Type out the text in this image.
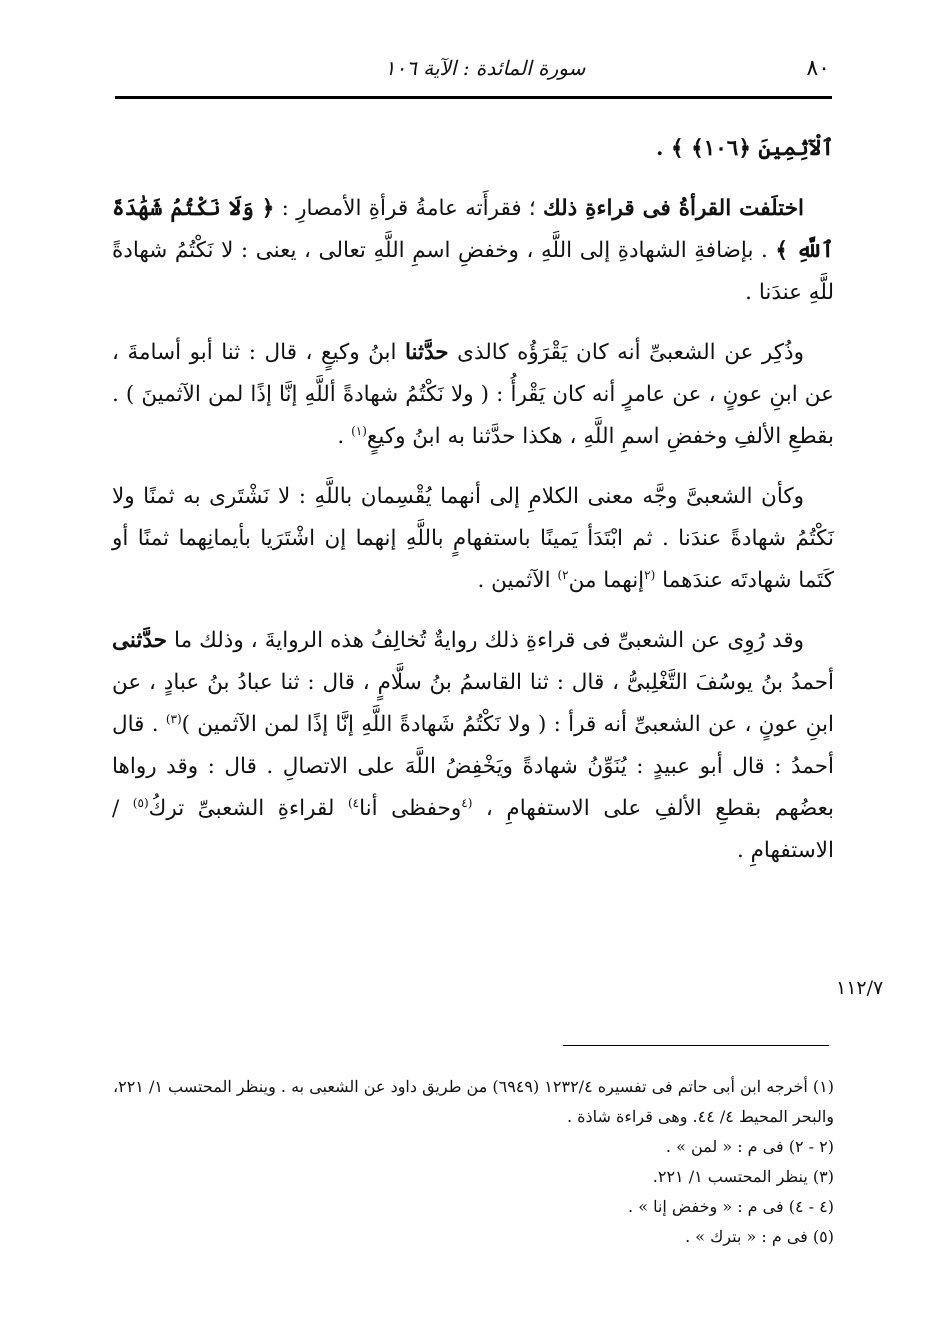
٨٠
سورة المائدة : الآية ١٠٦

ٱلْآثِمِينَ ﴿١٠٦﴾ ﴾ .

اختلَفت القرأةُ فى قراءةِ ذلك ؛ فقرأَته عامةُ قرأةِ الأمصارِ : ﴿ وَلَا نَكْتُمُ شَهَٰدَةَ ٱللَّهِ ﴾ . بإضافةِ الشهادةِ إلى اللَّهِ ، وخفضِ اسمِ اللَّهِ تعالى ، يعنى : لا نَكْتُمُ شهادةً للَّهِ عندَنا .

وذُكِر عن الشعبىِّ أنه كان يَقْرَؤُه كالذى حدَّثنا ابنُ وكيعٍ ، قال : ثنا أبو أسامةَ ، عن ابنِ عونٍ ، عن عامرٍ أنه كان يَقْرأُ : ( ولا نَكْتُمُ شهادةً أللَّهِ إنَّا إذًا لمن الآثمينَ ) . بقطعِ الألفِ وخفضِ اسمِ اللَّهِ ، هكذا حدَّثنا به ابنُ وكيعٍ$^{(١)}$ .

وكأن الشعبىَّ وجَّه معنى الكلامِ إلى أنهما يُقْسِمان باللَّهِ : لا نَشْتَرى به ثمنًا ولا نَكْتُمُ شهادةً عندَنا . ثم ابْتَدَأ يَمينًا باستفهامٍ باللَّهِ إنهما إن اشْتَرَيا بأيمانِهما ثمنًا أو كَتَما شهادتَه عندَهما $^{(٢}$إنهما من$^{٢)}$ الآثمين .

وقد رُوِى عن الشعبىِّ فى قراءةِ ذلك روايةٌ تُخالِفُ هذه الروايةَ ، وذلك ما حدَّثنى أحمدُ بنُ يوسُفَ التَّغْلِبىُّ ، قال : ثنا القاسمُ بنُ سلَّامٍ ، قال : ثنا عبادُ بنُ عبادٍ ، عن ابنِ عونٍ ، عن الشعبىِّ أنه قرأ : ( ولا نَكْتُمُ شَهادةً اللَّهِ إنَّا إذًا لمن الآثمين )$^{(٣)}$ . قال أحمدُ : قال أبو عبيدٍ : يُنَوِّنُ شهادةً ويَخْفِضُ اللَّهَ على الاتصالِ . قال : وقد رواها بعضُهم بقطعِ الألفِ على الاستفهامِ ، $^{(٤}$وحفظى أنا$^{٤)}$ لقراءةِ الشعبىِّ تركُ$^{(٥)}$ / الاستفهامِ .

١١٢/٧
(١) أخرجه ابن أبى حاتم فى تفسيره ١٢٣٢/٤ (٦٩٤٩) من طريق داود عن الشعبى به . وينظر المحتسب ١/ ٢٢١، والبحر المحيط ٤/ ٤٤. وهى قراءة شاذة .
(٢ - ٢) فى م : « لمن » .
(٣) ينظر المحتسب ١/ ٢٢١.
(٤ - ٤) فى م : « وخفض إنا » .
(٥) فى م : « بترك » .
